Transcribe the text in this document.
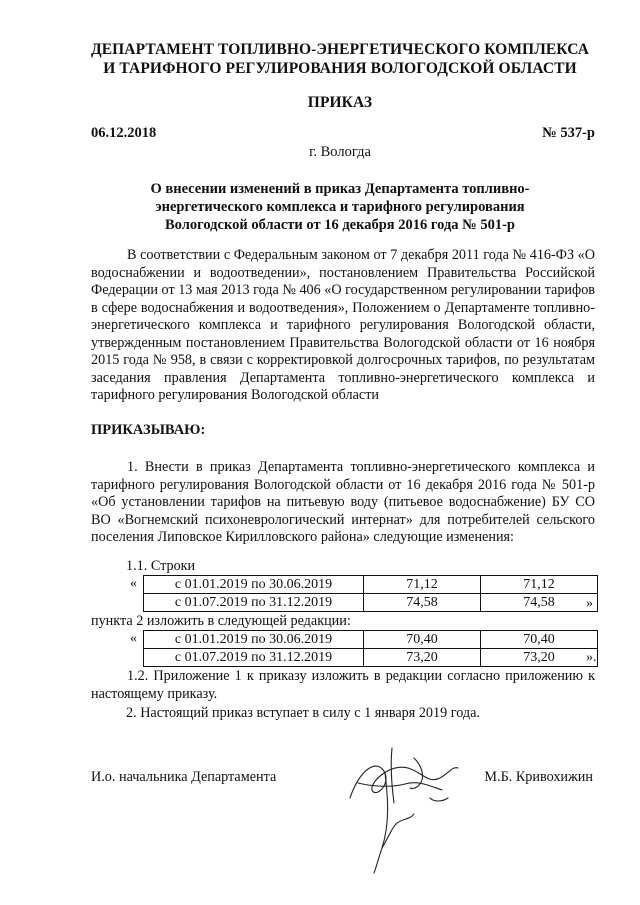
ДЕПАРТАМЕНТ ТОПЛИВНО-ЭНЕРГЕТИЧЕСКОГО КОМПЛЕКСА
И ТАРИФНОГО РЕГУЛИРОВАНИЯ ВОЛОГОДСКОЙ ОБЛАСТИ
ПРИКАЗ
06.12.2018	№ 537-р
г. Вологда
О внесении изменений в приказ Департамента топливно-
энергетического комплекса и тарифного регулирования
Вологодской области от 16 декабря 2016 года № 501-р
В соответствии с Федеральным законом от 7 декабря 2011 года № 416-ФЗ «О водоснабжении и водоотведении», постановлением Правительства Российской Федерации от 13 мая 2013 года № 406 «О государственном регулировании тарифов в сфере водоснабжения и водоотведения», Положением о Департаменте топливно-энергетического комплекса и тарифного регулирования Вологодской области, утвержденным постановлением Правительства Вологодской области от 16 ноября 2015 года № 958, в связи с корректировкой долгосрочных тарифов, по результатам заседания правления Департамента топливно-энергетического комплекса и тарифного регулирования Вологодской области
ПРИКАЗЫВАЮ:
1. Внести в приказ Департамента топливно-энергетического комплекса и тарифного регулирования Вологодской области от 16 декабря 2016 года № 501-р «Об установлении тарифов на питьевую воду (питьевое водоснабжение) БУ СО ВО «Вогнемский психоневрологический интернат» для потребителей сельского поселения Липовское Кирилловского района» следующие изменения:
1.1. Строки
«	с 01.01.2019 по 30.06.2019	71,12	71,12
с 01.07.2019 по 31.12.2019	74,58	74,58 »
пункта 2 изложить в следующей редакции:
«	с 01.01.2019 по 30.06.2019	70,40	70,40
с 01.07.2019 по 31.12.2019	73,20	73,20 ».
1.2. Приложение 1 к приказу изложить в редакции согласно приложению к настоящему приказу.
2. Настоящий приказ вступает в силу с 1 января 2019 года.
И.о. начальника Департамента	М.Б. Кривохижин
